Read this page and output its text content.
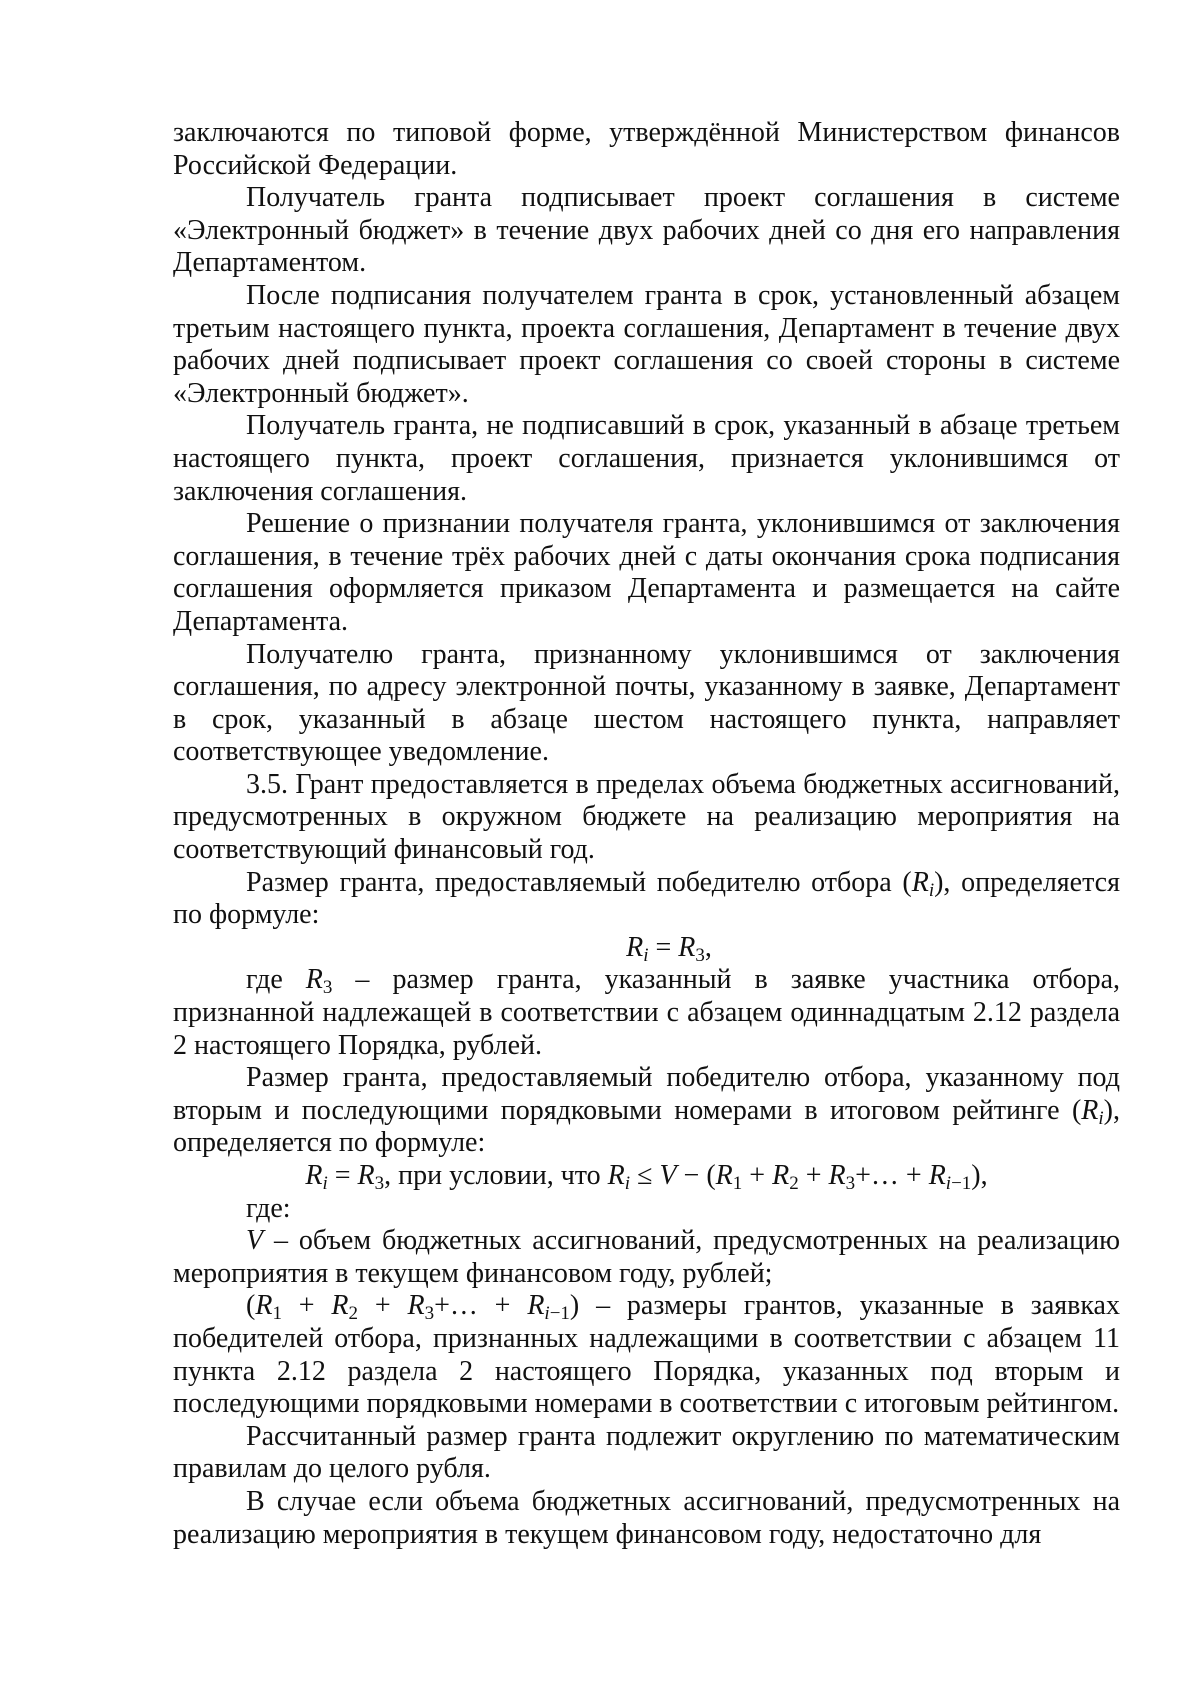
заключаются по типовой форме, утверждённой Министерством финансов Российской Федерации.

Получатель гранта подписывает проект соглашения в системе «Электронный бюджет» в течение двух рабочих дней со дня его направления Департаментом.

После подписания получателем гранта в срок, установленный абзацем третьим настоящего пункта, проекта соглашения, Департамент в течение двух рабочих дней подписывает проект соглашения со своей стороны в системе «Электронный бюджет».

Получатель гранта, не подписавший в срок, указанный в абзаце третьем настоящего пункта, проект соглашения, признается уклонившимся от заключения соглашения.

Решение о признании получателя гранта, уклонившимся от заключения соглашения, в течение трёх рабочих дней с даты окончания срока подписания соглашения оформляется приказом Департамента и размещается на сайте Департамента.

Получателю гранта, признанному уклонившимся от заключения соглашения, по адресу электронной почты, указанному в заявке, Департамент в срок, указанный в абзаце шестом настоящего пункта, направляет соответствующее уведомление.

3.5. Грант предоставляется в пределах объема бюджетных ассигнований, предусмотренных в окружном бюджете на реализацию мероприятия на соответствующий финансовый год.

Размер гранта, предоставляемый победителю отбора $(R_i)$, определяется по формуле:

$R_i = R_3$,

где $R_3$ – размер гранта, указанный в заявке участника отбора, признанной надлежащей в соответствии с абзацем одиннадцатым 2.12 раздела 2 настоящего Порядка, рублей.

Размер гранта, предоставляемый победителю отбора, указанному под вторым и последующими порядковыми номерами в итоговом рейтинге $(R_i)$, определяется по формуле:

$R_i = R_3$, при условии, что $R_i \le V - (R_1 + R_2$ + $R_3+\dots + R_{i-1}$),

где:

V – объем бюджетных ассигнований, предусмотренных на реализацию мероприятия в текущем финансовом году, рублей;

($R_1 + R_2$ + $R_3+\dots + R_{i-1}$) – размеры грантов, указанные в заявках победителей отбора, признанных надлежащими в соответствии с абзацем 11 пункта 2.12 раздела 2 настоящего Порядка, указанных под вторым и последующими порядковыми номерами в соответствии с итоговым рейтингом.

Рассчитанный размер гранта подлежит округлению по математическим правилам до целого рубля.

В случае если объема бюджетных ассигнований, предусмотренных на реализацию мероприятия в текущем финансовом году, недостаточно для
